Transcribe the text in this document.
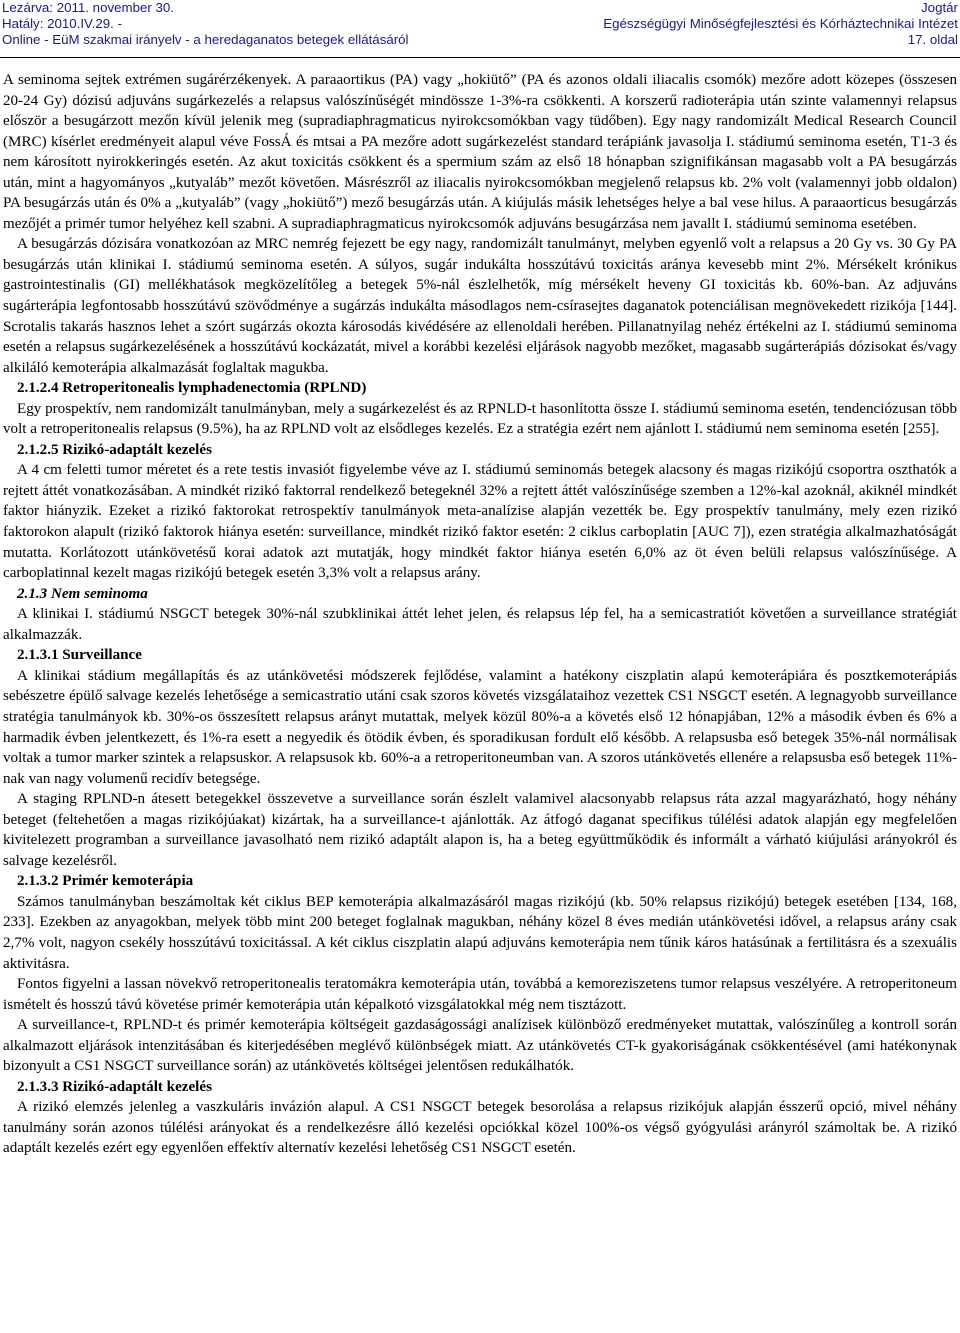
Lezárva: 2011. november 30.	Jogtár
Hatály: 2010.IV.29. -	Egészségügyi Minőségfejlesztési és Kórháztechnikai Intézet
Online - EüM szakmai irányelv - a heredaganatos betegek ellátásáról	17. oldal

A seminoma sejtek extrémen sugárérzékenyek. A paraaortikus (PA) vagy „hokiütő” (PA és azonos oldali iliacalis csomók) mezőre adott közepes (összesen 20-24 Gy) dózisú adjuváns sugárkezelés a relapsus valószínűségét mindössze 1-3%-ra csökkenti. A korszerű radioterápia után szinte valamennyi relapsus először a besugárzott mezőn kívül jelenik meg (supradiaphragmaticus nyirokcsomókban vagy tüdőben). Egy nagy randomizált Medical Research Council (MRC) kísérlet eredményeit alapul véve FossÁ és mtsai a PA mezőre adott sugárkezelést standard terápiánk javasolja I. stádiumú seminoma esetén, T1-3 és nem károsított nyirokkeringés esetén. Az akut toxicitás csökkent és a spermium szám az első 18 hónapban szignifikánsan magasabb volt a PA besugárzás után, mint a hagyományos „kutyaláb” mezőt követően. Másrészről az iliacalis nyirokcsomókban megjelenő relapsus kb. 2% volt (valamennyi jobb oldalon) PA besugárzás után és 0% a „kutyaláb” (vagy „hokiütő”) mező besugárzás után. A kiújulás másik lehetséges helye a bal vese hilus. A paraaorticus besugárzás mezőjét a primér tumor helyéhez kell szabni. A supradiaphragmaticus nyirokcsomók adjuváns besugárzása nem javallt I. stádiumú seminoma esetében.

A besugárzás dózisára vonatkozóan az MRC nemrég fejezett be egy nagy, randomizált tanulmányt, melyben egyenlő volt a relapsus a 20 Gy vs. 30 Gy PA besugárzás után klinikai I. stádiumú seminoma esetén. A súlyos, sugár indukálta hosszútávú toxicitás aránya kevesebb mint 2%. Mérsékelt krónikus gastrointestinalis (GI) mellékhatások megközelítőleg a betegek 5%-nál észlelhetők, míg mérsékelt heveny GI toxicitás kb. 60%-ban. Az adjuváns sugárterápia legfontosabb hosszútávú szövődménye a sugárzás indukálta másodlagos nem-csírasejtes daganatok potenciálisan megnövekedett rizikója [144]. Scrotalis takarás hasznos lehet a szórt sugárzás okozta károsodás kivédésére az ellenoldali herében. Pillanatnyilag nehéz értékelni az I. stádiumú seminoma esetén a relapsus sugárkezelésének a hosszútávú kockázatát, mivel a korábbi kezelési eljárások nagyobb mezőket, magasabb sugárterápiás dózisokat és/vagy alkiláló kemoterápia alkalmazását foglaltak magukba.

2.1.2.4 Retroperitonealis lymphadenectomia (RPLND)

Egy prospektív, nem randomizált tanulmányban, mely a sugárkezelést és az RPNLD-t hasonlította össze I. stádiumú seminoma esetén, tendenciózusan több volt a retroperitonealis relapsus (9.5%), ha az RPLND volt az elsődleges kezelés. Ez a stratégia ezért nem ajánlott I. stádiumú nem seminoma esetén [255].

2.1.2.5 Rizikó-adaptált kezelés

A 4 cm feletti tumor méretet és a rete testis invasiót figyelembe véve az I. stádiumú seminomás betegek alacsony és magas rizikójú csoportra oszthatók a rejtett áttét vonatkozásában. A mindkét rizikó faktorral rendelkező betegeknél 32% a rejtett áttét valószínűsége szemben a 12%-kal azoknál, akiknél mindkét faktor hiányzik. Ezeket a rizikó faktorokat retrospektív tanulmányok meta-analízise alapján vezették be. Egy prospektív tanulmány, mely ezen rizikó faktorokon alapult (rizikó faktorok hiánya esetén: surveillance, mindkét rizikó faktor esetén: 2 ciklus carboplatin [AUC 7]), ezen stratégia alkalmazhatóságát mutatta. Korlátozott utánkövetésű korai adatok azt mutatják, hogy mindkét faktor hiánya esetén 6,0% az öt éven belüli relapsus valószínűsége. A carboplatinnal kezelt magas rizikójú betegek esetén 3,3% volt a relapsus arány.

2.1.3 Nem seminoma

A klinikai I. stádiumú NSGCT betegek 30%-nál szubklinikai áttét lehet jelen, és relapsus lép fel, ha a semicastratiót követően a surveillance stratégiát alkalmazzák.

2.1.3.1 Surveillance

A klinikai stádium megállapítás és az utánkövetési módszerek fejlődése, valamint a hatékony ciszplatin alapú kemoterápiára és posztkemoterápiás sebészetre épülő salvage kezelés lehetősége a semicastratio utáni csak szoros követés vizsgálataihoz vezettek CS1 NSGCT esetén. A legnagyobb surveillance stratégia tanulmányok kb. 30%-os összesített relapsus arányt mutattak, melyek közül 80%-a a követés első 12 hónapjában, 12% a második évben és 6% a harmadik évben jelentkezett, és 1%-ra esett a negyedik és ötödik évben, és sporadikusan fordult elő később. A relapsusba eső betegek 35%-nál normálisak voltak a tumor marker szintek a relapsuskor. A relapsusok kb. 60%-a a retroperitoneumban van. A szoros utánkövetés ellenére a relapsusba eső betegek 11%-nak van nagy volumenű recidív betegsége.

A staging RPLND-n átesett betegekkel összevetve a surveillance során észlelt valamivel alacsonyabb relapsus ráta azzal magyarázható, hogy néhány beteget (feltehetően a magas rizikójúakat) kizártak, ha a surveillance-t ajánlották. Az átfogó daganat specifikus túlélési adatok alapján egy megfelelően kivitelezett programban a surveillance javasolható nem rizikó adaptált alapon is, ha a beteg együttműködik és informált a várható kiújulási arányokról és salvage kezelésről.

2.1.3.2 Primér kemoterápia

Számos tanulmányban beszámoltak két ciklus BEP kemoterápia alkalmazásáról magas rizikójú (kb. 50% relapsus rizikójú) betegek esetében [134, 168, 233]. Ezekben az anyagokban, melyek több mint 200 beteget foglalnak magukban, néhány közel 8 éves medián utánkövetési idővel, a relapsus arány csak 2,7% volt, nagyon csekély hosszútávú toxicitással. A két ciklus ciszplatin alapú adjuváns kemoterápia nem tűnik káros hatásúnak a fertilitásra és a szexuális aktivitásra.

Fontos figyelni a lassan növekvő retroperitonealis teratomákra kemoterápia után, továbbá a kemoreziszetens tumor relapsus veszélyére. A retroperitoneum ismételt és hosszú távú követése primér kemoterápia után képalkotó vizsgálatokkal még nem tisztázott.

A surveillance-t, RPLND-t és primér kemoterápia költségeit gazdaságossági analízisek különböző eredményeket mutattak, valószínűleg a kontroll során alkalmazott eljárások intenzitásában és kiterjedésében meglévő különbségek miatt. Az utánkövetés CT-k gyakoriságának csökkentésével (ami hatékonynak bizonyult a CS1 NSGCT surveillance során) az utánkövetés költségei jelentősen redukálhatók.

2.1.3.3 Rizikó-adaptált kezelés

A rizikó elemzés jelenleg a vaszkuláris invázión alapul. A CS1 NSGCT betegek besorolása a relapsus rizikójuk alapján ésszerű opció, mivel néhány tanulmány során azonos túlélési arányokat és a rendelkezésre álló kezelési opciókkal közel 100%-os végső gyógyulási arányról számoltak be. A rizikó adaptált kezelés ezért egy egyenlően effektív alternatív kezelési lehetőség CS1 NSGCT esetén.
